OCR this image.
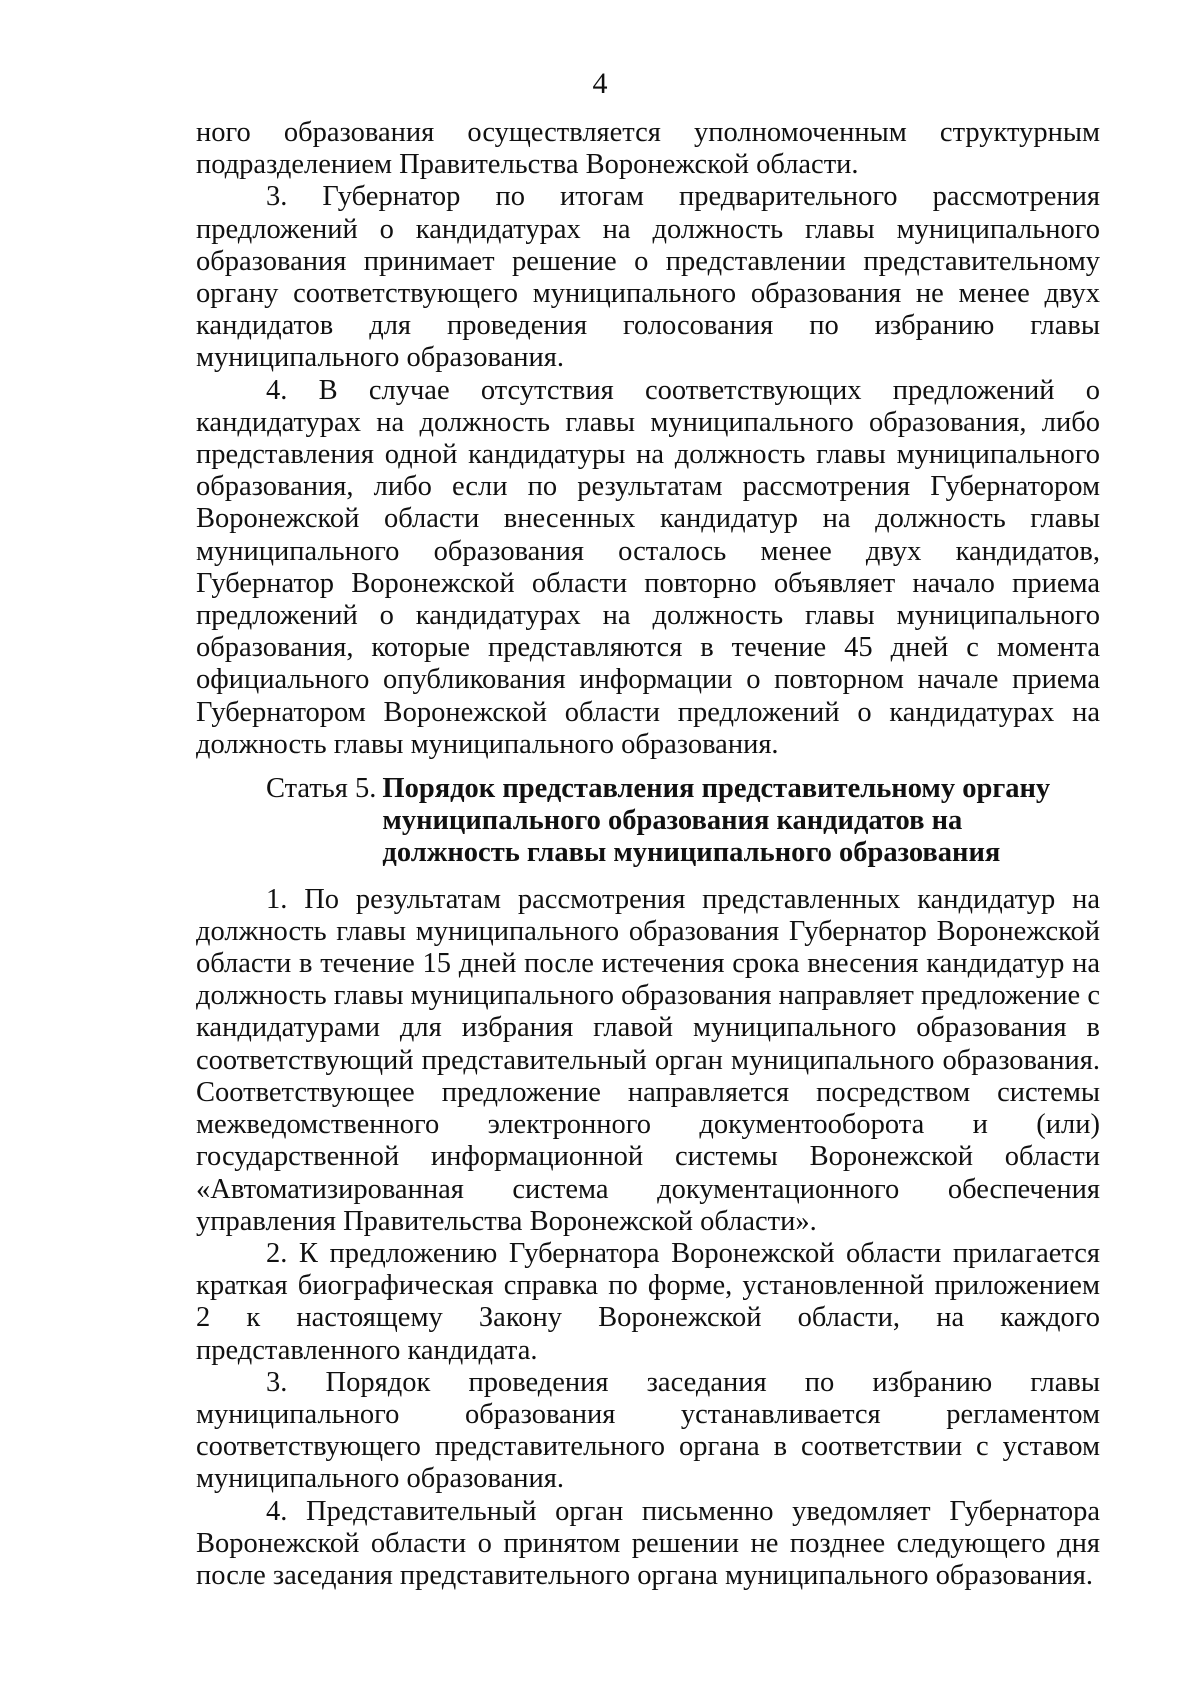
4

ного образования осуществляется уполномоченным структурным подразделением Правительства Воронежской области.

3. Губернатор по итогам предварительного рассмотрения предложений о кандидатурах на должность главы муниципального образования принимает решение о представлении представительному органу соответствующего муниципального образования не менее двух кандидатов для проведения голосования по избранию главы муниципального образования.

4. В случае отсутствия соответствующих предложений о кандидатурах на должность главы муниципального образования, либо представления одной кандидатуры на должность главы муниципального образования, либо если по результатам рассмотрения Губернатором Воронежской области внесенных кандидатур на должность главы муниципального образования осталось менее двух кандидатов, Губернатор Воронежской области повторно объявляет начало приема предложений о кандидатурах на должность главы муниципального образования, которые представляются в течение 45 дней с момента официального опубликования информации о повторном начале приема Губернатором Воронежской области предложений о кандидатурах на должность главы муниципального образования.

Статья 5. Порядок представления представительному органу муниципального образования кандидатов на должность главы муниципального образования

1. По результатам рассмотрения представленных кандидатур на должность главы муниципального образования Губернатор Воронежской области в течение 15 дней после истечения срока внесения кандидатур на должность главы муниципального образования направляет предложение с кандидатурами для избрания главой муниципального образования в соответствующий представительный орган муниципального образования. Соответствующее предложение направляется посредством системы межведомственного электронного документооборота и (или) государственной информационной системы Воронежской области «Автоматизированная система документационного обеспечения управления Правительства Воронежской области».

2. К предложению Губернатора Воронежской области прилагается краткая биографическая справка по форме, установленной приложением 2 к настоящему Закону Воронежской области, на каждого представленного кандидата.

3. Порядок проведения заседания по избранию главы муниципального образования устанавливается регламентом соответствующего представительного органа в соответствии с уставом муниципального образования.

4. Представительный орган письменно уведомляет Губернатора Воронежской области о принятом решении не позднее следующего дня после заседания представительного органа муниципального образования.
